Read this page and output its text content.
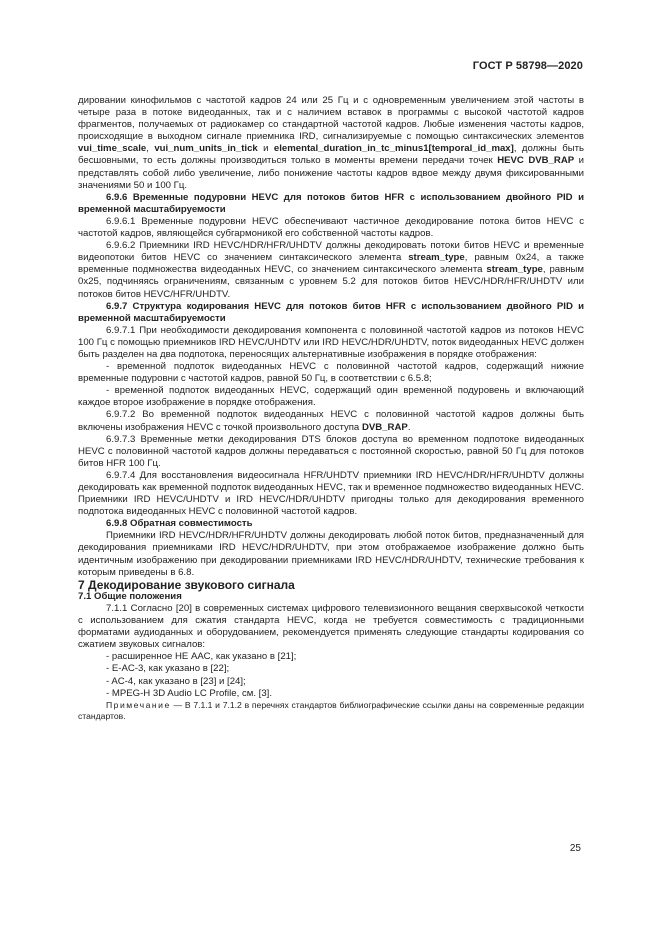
ГОСТ Р 58798—2020

дировании кинофильмов с частотой кадров 24 или 25 Гц и с одновременным увеличением этой частоты в четыре раза в потоке видеоданных, так и с наличием вставок в программы с высокой частотой кадров фрагментов, получаемых от радиокамер со стандартной частотой кадров. Любые изменения частоты кадров, происходящие в выходном сигнале приемника IRD, сигнализируемые с помощью синтаксических элементов vui_time_scale, vui_num_units_in_tick и elemental_duration_in_tc_minus1[temporal_id_max], должны быть бесшовными, то есть должны производиться только в моменты времени передачи точек HEVC DVB_RAP и представлять собой либо увеличение, либо понижение частоты кадров вдвое между двумя фиксированными значениями 50 и 100 Гц.

6.9.6 Временные подуровни HEVC для потоков битов HFR с использованием двойного PID и временной масштабируемости

6.9.6.1 Временные подуровни HEVC обеспечивают частичное декодирование потока битов HEVC с частотой кадров, являющейся субгармоникой его собственной частоты кадров.

6.9.6.2 Приемники IRD HEVC/HDR/HFR/UHDTV должны декодировать потоки битов HEVC и временные видеопотоки битов HEVC со значением синтаксического элемента stream_type, равным 0x24, а также временные подмножества видеоданных HEVC, со значением синтаксического элемента stream_type, равным 0x25, подчиняясь ограничениям, связанным с уровнем 5.2 для потоков битов HEVC/HDR/HFR/UHDTV или потоков битов HEVC/HFR/UHDTV.

6.9.7 Структура кодирования HEVC для потоков битов HFR с использованием двойного PID и временной масштабируемости

6.9.7.1 При необходимости декодирования компонента с половинной частотой кадров из потоков HEVC 100 Гц с помощью приемников IRD HEVC/UHDTV или IRD HEVC/HDR/UHDTV, поток видеоданных HEVC должен быть разделен на два подпотока, переносящих альтернативные изображения в порядке отображения:

- временной подпоток видеоданных HEVC с половинной частотой кадров, содержащий нижние временные подуровни с частотой кадров, равной 50 Гц, в соответствии с 6.5.8;

- временной подпоток видеоданных HEVC, содержащий один временной подуровень и включающий каждое второе изображение в порядке отображения.

6.9.7.2 Во временной подпоток видеоданных HEVC с половинной частотой кадров должны быть включены изображения HEVC с точкой произвольного доступа DVB_RAP.

6.9.7.3 Временные метки декодирования DTS блоков доступа во временном подпотоке видеоданных HEVC с половинной частотой кадров должны передаваться с постоянной скоростью, равной 50 Гц для потоков битов HFR 100 Гц.

6.9.7.4 Для восстановления видеосигнала HFR/UHDTV приемники IRD HEVC/HDR/HFR/UHDTV должны декодировать как временной подпоток видеоданных HEVC, так и временное подмножество видеоданных HEVC. Приемники IRD HEVC/UHDTV и IRD HEVC/HDR/UHDTV пригодны только для декодирования временного подпотока видеоданных HEVC с половинной частотой кадров.

6.9.8 Обратная совместимость

Приемники IRD HEVC/HDR/HFR/UHDTV должны декодировать любой поток битов, предназначенный для декодирования приемниками IRD HEVC/HDR/UHDTV, при этом отображаемое изображение должно быть идентичным изображению при декодировании приемниками IRD HEVC/HDR/UHDTV, технические требования к которым приведены в 6.8.

7 Декодирование звукового сигнала

7.1 Общие положения

7.1.1 Согласно [20] в современных системах цифрового телевизионного вещания сверхвысокой четкости с использованием для сжатия стандарта HEVC, когда не требуется совместимость с традиционными форматами аудиоданных и оборудованием, рекомендуется применять следующие стандарты кодирования со сжатием звуковых сигналов:

- расширенное НЕ ААС, как указано в [21];

- E-AC-3, как указано в [22];

- AC-4, как указано в [23] и [24];

- MPEG-H 3D Audio LC Profile, см. [3].

Примечание — В 7.1.1 и 7.1.2 в перечнях стандартов библиографические ссылки даны на современные редакции стандартов.

25
